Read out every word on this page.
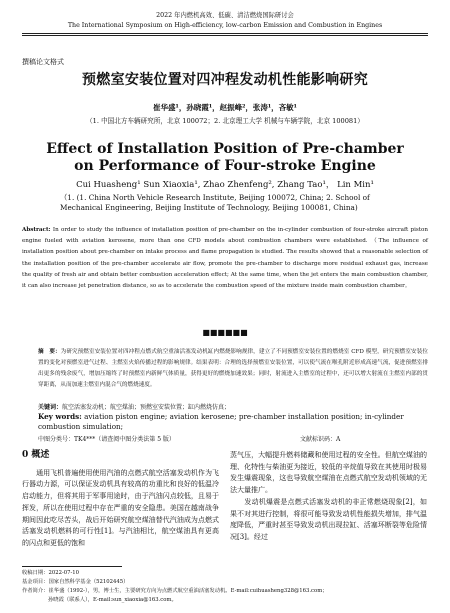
2022 年内燃机高效、低碳、清洁燃烧国际研讨会
The International Symposium on High-efficiency, low-carbon Emission and Combustion in Engines
撰稿论文格式
预燃室安装位置对四冲程发动机性能影响研究
崔华盛¹，孙晓霞¹，赵振峰²，张涛¹，吝敏¹
（1. 中国北方车辆研究所，北京 100072；2. 北京理工大学 机械与车辆学院，北京 100081）
Effect of Installation Position of Pre-chamber on Performance of Four-stroke Engine
Cui Huasheng¹ Sun Xiaoxia¹, Zhao Zhenfeng², Zhang Tao¹， Lin Min¹
（1. (1. China North Vehicle Research Institute, Beijing 100072, China; 2. School of Mechanical Engineering, Beijing Institute of Technology, Beijing 100081, China)
Abstract: In order to study the influence of installation position of pre-chamber on the in-cylinder combustion of four-stroke aircraft piston engine fueled with aviation kerosene, more than one CFD models about combustion chambers were established. （The influence of installation position about pre-chamber on intake process and flame propagation is studied. The results showed that a reasonable selection of the installation position of the pre-chamber accelerate air flow, promote the pre-chamber to discharge more residual exhaust gas, increase the quality of fresh air and obtain better combustion acceleration effect; At the same time, when the jet enters the main combustion chamber, it can also increase jet penetration distance, so as to accelerate the combustion speed of the mixture inside main combustion chamber。
■■■■■■
摘　要：为研究预燃室安装位置对四冲程点燃式航空重油活塞发动机缸内燃烧影响规律，建立了不同预燃室安装位置的燃烧室 CFD 模型，研究预燃室安装位置的变化对预燃室进气过程、主燃室火焰传播过程的影响规律。结果表明：合理的选择预燃室安装位置，可以使气流在喉孔附近形成高速气流，促进预燃室排出更多的残余废气，增加压缩终了时预燃室内新鲜气体质量，获得更好的燃烧加速效果；同时，射流进入主燃室的过程中，还可以增大射流在主燃室内部的贯穿距离，从而加速主燃室内混合气的燃烧速度。
关键词：航空活塞发动机；航空煤油；预燃室安装位置；缸内燃烧仿真；
Key words: aviation piston engine; aviation kerosene; pre-chamber installation position; in-cylinder combustion simulation;
中图分类号：TK4***（请查阅中图分类法第 5 版）	文献标识码：A
0 概述
　　通用飞机普遍使用使用汽油的点燃式航空活塞发动机作为飞行器动力源，可以保证发动机具有较高的功重比和良好的低温冷启动能力，但将其用于军事用途时，由于汽油闪点较低，且易于挥发，所以在使用过程中存在严重的安全隐患。美国在越南战争期间因此吃尽苦头，战后开始研究航空煤油替代汽油成为点燃式活塞发动机燃料的可行性[1]。与汽油相比，航空煤油具有更高的闪点和更低的饱和
蒸气压，大幅提升燃料储藏和使用过程的安全性。但航空煤油的理、化特性与柴油更为接近，较低的辛烷值导致在其使用时极易发生爆震现象，这也导致航空煤油在点燃式航空发动机领域的无法大量推广。
　　发动机爆震是点燃式活塞发动机的非正常燃烧现象[2]，如果不对其进行控制，将很可能导致发动机性能损失增加，排气温度降低，严重时甚至导致发动机出现拉缸、活塞环断裂等危险情况[3]。经过
收稿日期：2022-07-10
基金项目：国家自然科学基金（52102445）
作者简介：崔华盛（1992-），男，博士生，主要研究方向为点燃式航空重油活塞发动机。E-mail:cuihuasheng328@163.com；
孙晓霞（联系人），E-mail:sun_xiaoxia@163.com。
